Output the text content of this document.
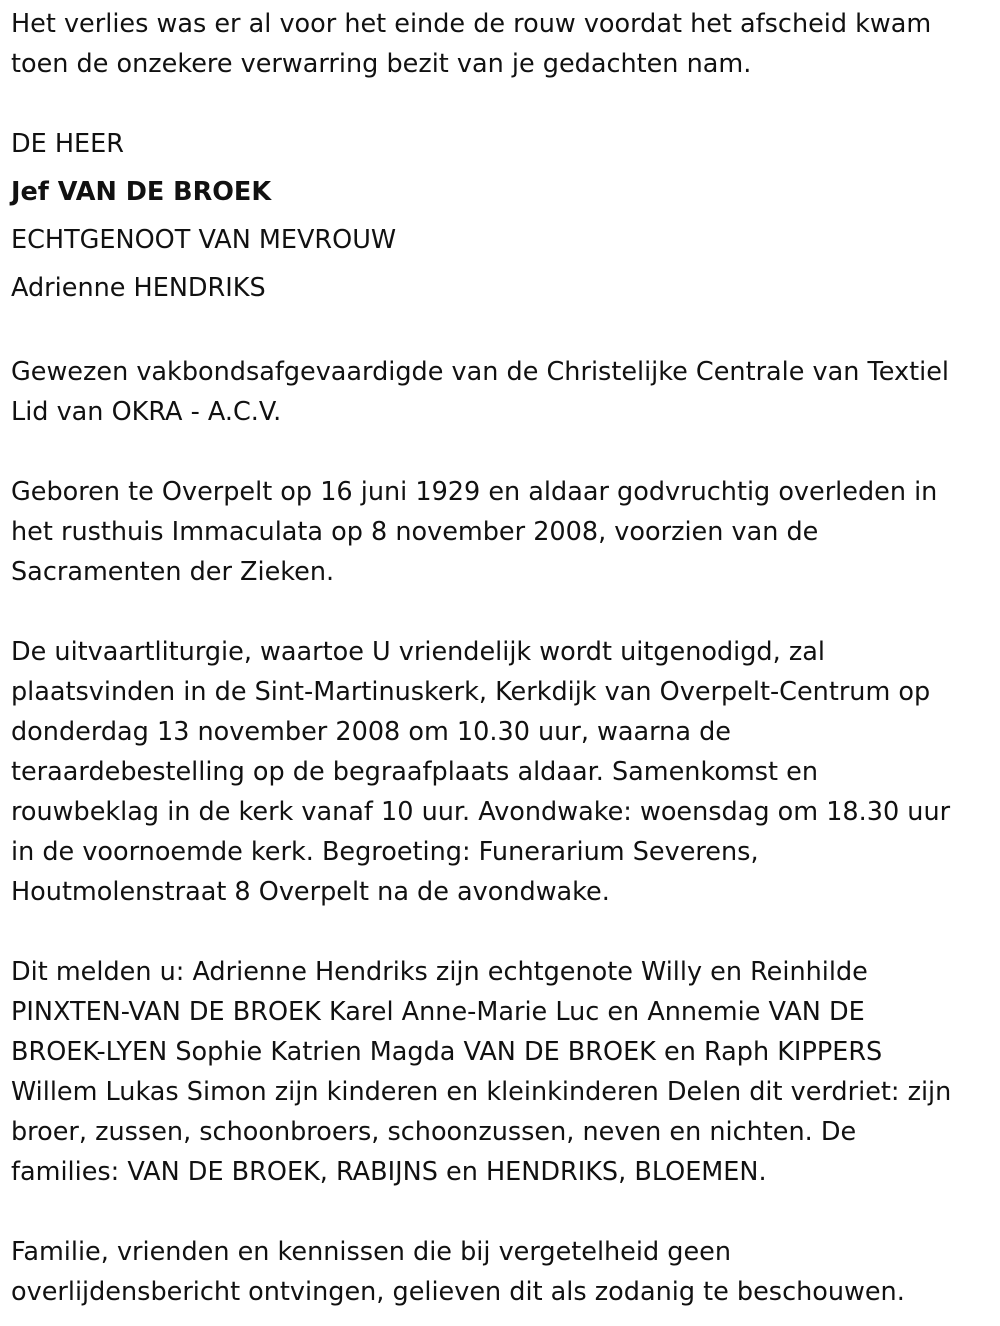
Het verlies was er al voor het einde de rouw voordat het afscheid kwam
toen de onzekere verwarring bezit van je gedachten nam.
DE HEER
Jef VAN DE BROEK
ECHTGENOOT VAN MEVROUW
Adrienne HENDRIKS
Gewezen vakbondsafgevaardigde van de Christelijke Centrale van Textiel
Lid van OKRA - A.C.V.
Geboren te Overpelt op 16 juni 1929 en aldaar godvruchtig overleden in
het rusthuis Immaculata op 8 november 2008, voorzien van de
Sacramenten der Zieken.
De uitvaartliturgie, waartoe U vriendelijk wordt uitgenodigd, zal
plaatsvinden in de Sint-Martinuskerk, Kerkdijk van Overpelt-Centrum op
donderdag 13 november 2008 om 10.30 uur, waarna de
teraardebestelling op de begraafplaats aldaar. Samenkomst en
rouwbeklag in de kerk vanaf 10 uur. Avondwake: woensdag om 18.30 uur
in de voornoemde kerk. Begroeting: Funerarium Severens,
Houtmolenstraat 8 Overpelt na de avondwake.
Dit melden u: Adrienne Hendriks zijn echtgenote Willy en Reinhilde
PINXTEN-VAN DE BROEK Karel Anne-Marie Luc en Annemie VAN DE
BROEK-LYEN Sophie Katrien Magda VAN DE BROEK en Raph KIPPERS
Willem Lukas Simon zijn kinderen en kleinkinderen Delen dit verdriet: zijn
broer, zussen, schoonbroers, schoonzussen, neven en nichten. De
families: VAN DE BROEK, RABIJNS en HENDRIKS, BLOEMEN.
Familie, vrienden en kennissen die bij vergetelheid geen
overlijdensbericht ontvingen, gelieven dit als zodanig te beschouwen.
